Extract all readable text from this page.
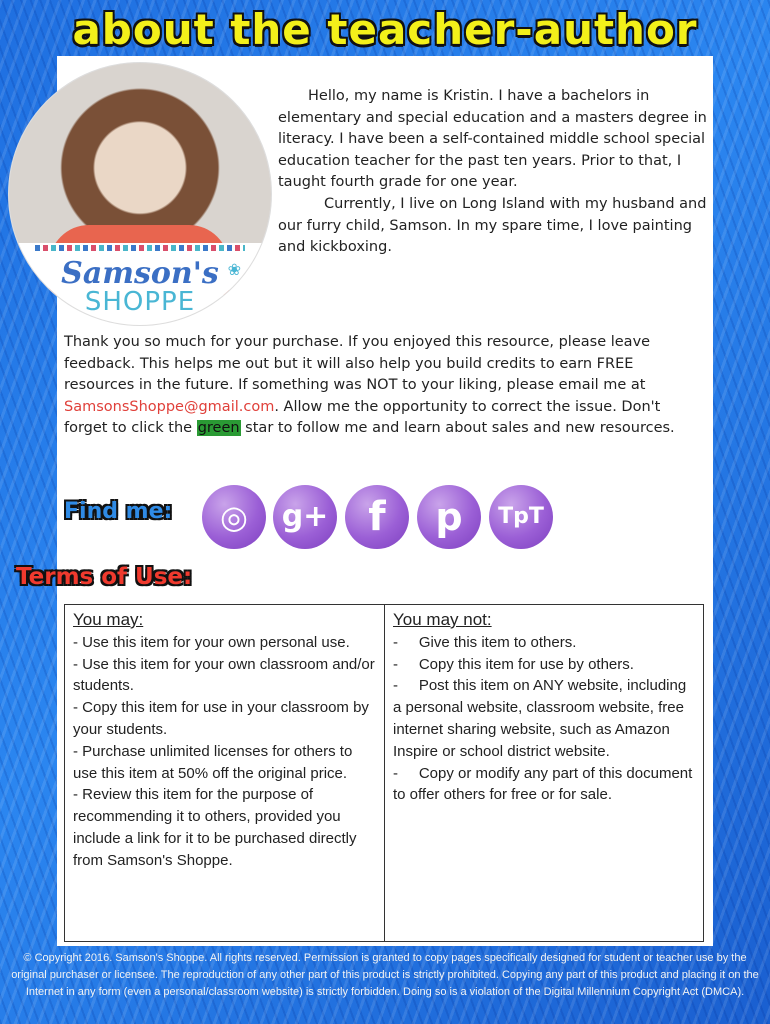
about the teacher-author
Samson's
SHOPPE
❀

Hello, my name is Kristin. I have a bachelors in elementary and special education and a masters degree in literacy. I have been a self-contained middle school special education teacher for the past ten years. Prior to that, I taught fourth grade for one year.

Currently, I live on Long Island with my husband and our furry child, Samson. In my spare time, I love painting and kickboxing.

Thank you so much for your purchase. If you enjoyed this resource, please leave feedback. This helps me out but it will also help you build credits to earn FREE resources in the future. If something was NOT to your liking, please email me at SamsonsShoppe@gmail.com. Allow me the opportunity to correct the issue. Don't forget to click the green star to follow me and learn about sales and new resources.
Find me:	◎	g+ f	p	TpT
Terms of Use:
You may:

- Use this item for your own personal use.

- Use this item for your own classroom and/or students.

- Copy this item for use in your classroom by your students.

- Purchase unlimited licenses for others to use this item at 50% off the original price.

- Review this item for the purpose of recommending it to others, provided you include a link for it to be purchased directly from Samson's Shoppe.

You may not:

-     Give this item to others.

-     Copy this item for use by others.

-     Post this item on ANY website, including a personal website, classroom website, free internet sharing website, such as Amazon Inspire or school district website.

-     Copy or modify any part of this document to offer others for free or for sale.

© Copyright 2016. Samson's Shoppe. All rights reserved. Permission is granted to copy pages specifically designed for student or teacher use by the original purchaser or licensee. The reproduction of any other part of this product is strictly prohibited. Copying any part of this product and placing it on the Internet in any form (even a personal/classroom website) is strictly forbidden. Doing so is a violation of the Digital Millennium Copyright Act (DMCA).
